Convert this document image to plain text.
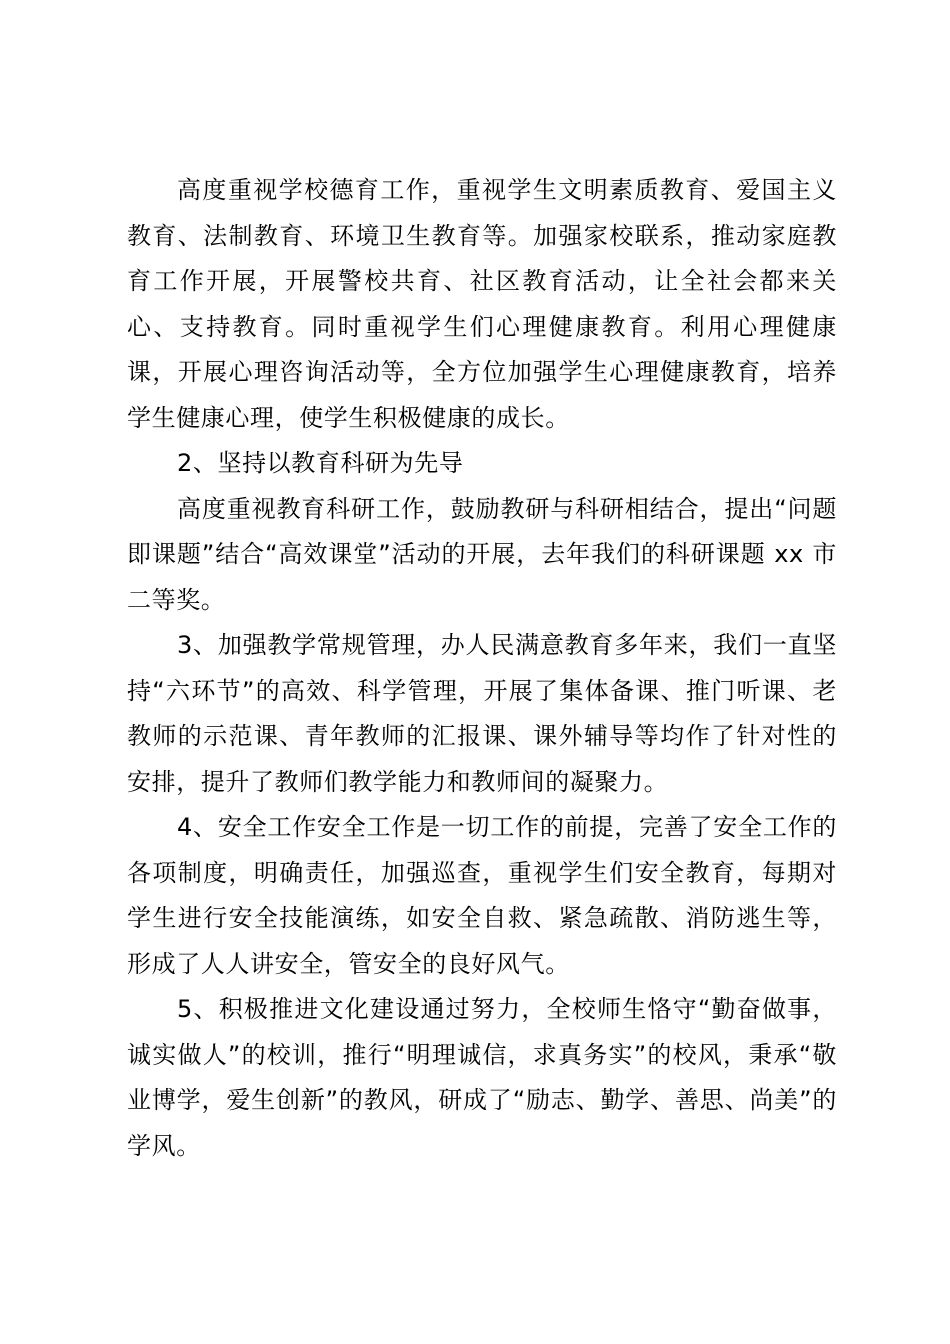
高度重视学校德育工作，重视学生文明素质教育、爱国主义教育、法制教育、环境卫生教育等。加强家校联系，推动家庭教育工作开展，开展警校共育、社区教育活动，让全社会都来关心、支持教育。同时重视学生们心理健康教育。利用心理健康课，开展心理咨询活动等，全方位加强学生心理健康教育，培养学生健康心理，使学生积极健康的成长。

2、坚持以教育科研为先导

高度重视教育科研工作，鼓励教研与科研相结合，提出“问题即课题”结合“高效课堂”活动的开展，去年我们的科研课题 xx 市二等奖。

3、加强教学常规管理，办人民满意教育多年来，我们一直坚持“六环节”的高效、科学管理，开展了集体备课、推门听课、老教师的示范课、青年教师的汇报课、课外辅导等均作了针对性的安排，提升了教师们教学能力和教师间的凝聚力。

4、安全工作安全工作是一切工作的前提，完善了安全工作的各项制度，明确责任，加强巡查，重视学生们安全教育，每期对学生进行安全技能演练，如安全自救、紧急疏散、消防逃生等，形成了人人讲安全，管安全的良好风气。

5、积极推进文化建设通过努力，全校师生恪守“勤奋做事，诚实做人”的校训，推行“明理诚信，求真务实”的校风，秉承“敬业博学，爱生创新”的教风，研成了“励志、勤学、善思、尚美”的学风。
